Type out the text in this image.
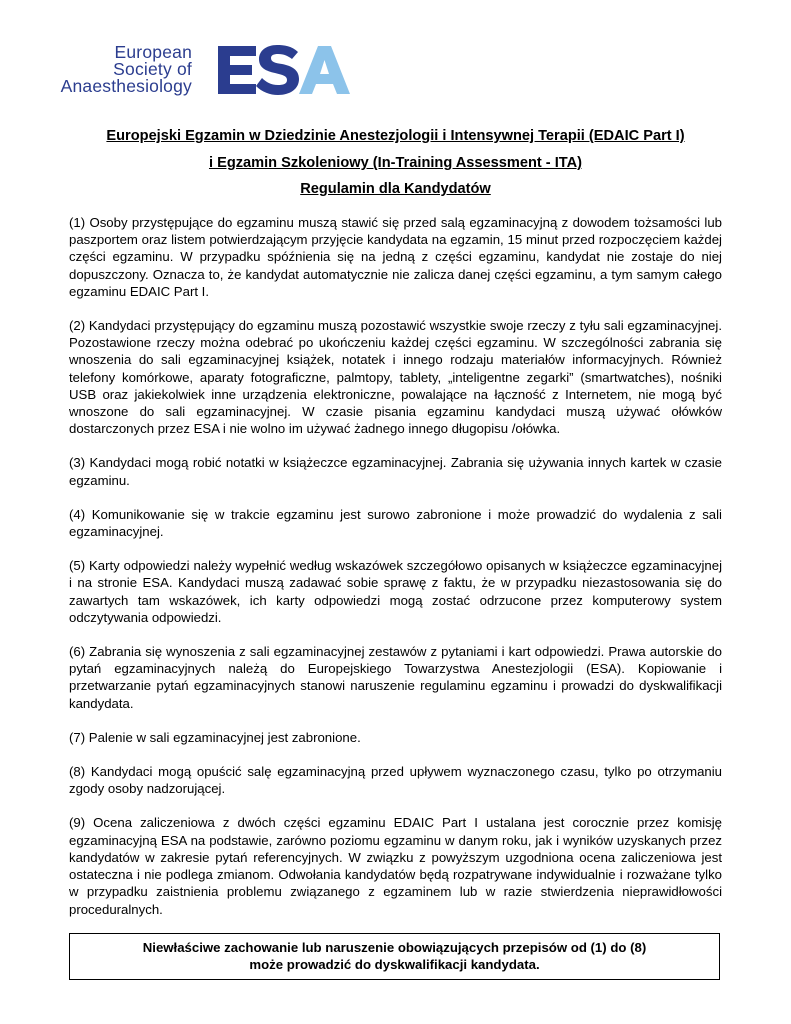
European
Society of
Anaesthesiology
Europejski Egzamin w Dziedzinie Anestezjologii i Intensywnej Terapii (EDAIC Part I)
i Egzamin Szkoleniowy (In-Training Assessment - ITA)
Regulamin dla Kandydatów

(1) Osoby przystępujące do egzaminu muszą stawić się przed salą egzaminacyjną z dowodem tożsamości lub paszportem oraz listem potwierdzającym przyjęcie kandydata na egzamin, 15 minut przed rozpoczęciem każdej części egzaminu. W przypadku spóźnienia się na jedną z części egzaminu, kandydat nie zostaje do niej dopuszczony. Oznacza to, że kandydat automatycznie nie zalicza danej części egzaminu, a tym samym całego egzaminu EDAIC Part I.

(2) Kandydaci przystępujący do egzaminu muszą pozostawić wszystkie swoje rzeczy z tyłu sali egzaminacyjnej. Pozostawione rzeczy można odebrać po ukończeniu każdej części egzaminu. W szczególności zabrania się wnoszenia do sali egzaminacyjnej książek, notatek i innego rodzaju materiałów informacyjnych. Również telefony komórkowe, aparaty fotograficzne, palmtopy, tablety, „inteligentne zegarki” (smartwatches), nośniki USB oraz jakiekolwiek inne urządzenia elektroniczne, powalające na łączność z Internetem, nie mogą być wnoszone do sali egzaminacyjnej. W czasie pisania egzaminu kandydaci muszą używać ołówków dostarczonych przez ESA i nie wolno im używać żadnego innego długopisu /ołówka.

(3) Kandydaci mogą robić notatki w książeczce egzaminacyjnej. Zabrania się używania innych kartek w czasie egzaminu.

(4) Komunikowanie się w trakcie egzaminu jest surowo zabronione i może prowadzić do wydalenia z sali egzaminacyjnej.

(5) Karty odpowiedzi należy wypełnić według wskazówek szczegółowo opisanych w książeczce egzaminacyjnej i na stronie ESA. Kandydaci muszą zadawać sobie sprawę z faktu, że w przypadku niezastosowania się do zawartych tam wskazówek, ich karty odpowiedzi mogą zostać odrzucone przez komputerowy system odczytywania odpowiedzi.

(6) Zabrania się wynoszenia z sali egzaminacyjnej zestawów z pytaniami i kart odpowiedzi. Prawa autorskie do pytań egzaminacyjnych należą do Europejskiego Towarzystwa Anestezjologii (ESA). Kopiowanie i przetwarzanie pytań egzaminacyjnych stanowi naruszenie regulaminu egzaminu i prowadzi do dyskwalifikacji kandydata.

(7) Palenie w sali egzaminacyjnej jest zabronione.

(8) Kandydaci mogą opuścić salę egzaminacyjną przed upływem wyznaczonego czasu, tylko po otrzymaniu zgody osoby nadzorującej.

(9) Ocena zaliczeniowa z dwóch części egzaminu EDAIC Part I ustalana jest corocznie przez komisję egzaminacyjną ESA na podstawie, zarówno poziomu egzaminu w danym roku, jak i wyników uzyskanych przez kandydatów w zakresie pytań referencyjnych. W związku z powyższym uzgodniona ocena zaliczeniowa jest ostateczna i nie podlega zmianom. Odwołania kandydatów będą rozpatrywane indywidualnie i rozważane tylko w przypadku zaistnienia problemu związanego z egzaminem lub w razie stwierdzenia nieprawidłowości proceduralnych.

Niewłaściwe zachowanie lub naruszenie obowiązujących przepisów od (1) do (8)
może prowadzić do dyskwalifikacji kandydata.
